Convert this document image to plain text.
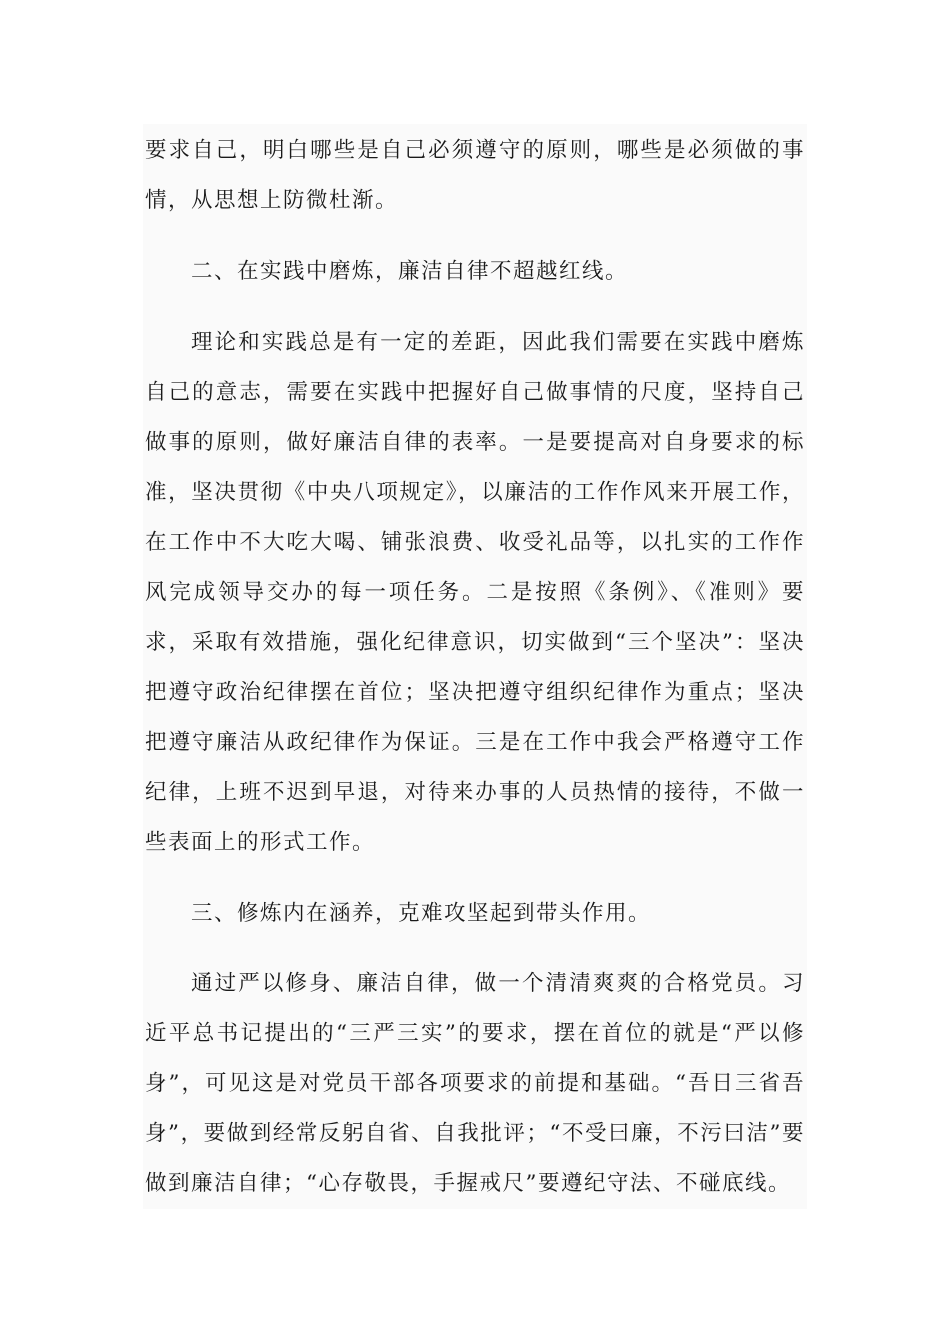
要求自己，明白哪些是自己必须遵守的原则，哪些是必须做的事情，从思想上防微杜渐。

二、在实践中磨炼，廉洁自律不超越红线。

理论和实践总是有一定的差距，因此我们需要在实践中磨炼自己的意志，需要在实践中把握好自己做事情的尺度，坚持自己做事的原则，做好廉洁自律的表率。一是要提高对自身要求的标准，坚决贯彻《中央八项规定》，以廉洁的工作作风来开展工作，在工作中不大吃大喝、铺张浪费、收受礼品等，以扎实的工作作风完成领导交办的每一项任务。二是按照《条例》、《准则》要求，采取有效措施，强化纪律意识，切实做到“三个坚决”：坚决把遵守政治纪律摆在首位；坚决把遵守组织纪律作为重点；坚决把遵守廉洁从政纪律作为保证。三是在工作中我会严格遵守工作纪律，上班不迟到早退，对待来办事的人员热情的接待，不做一些表面上的形式工作。

三、修炼内在涵养，克难攻坚起到带头作用。

通过严以修身、廉洁自律，做一个清清爽爽的合格党员。习近平总书记提出的“三严三实”的要求，摆在首位的就是“严以修身”，可见这是对党员干部各项要求的前提和基础。“吾日三省吾身”，要做到经常反躬自省、自我批评；“不受曰廉，不污曰洁”要做到廉洁自律；“心存敬畏，手握戒尺”要遵纪守法、不碰底线。
